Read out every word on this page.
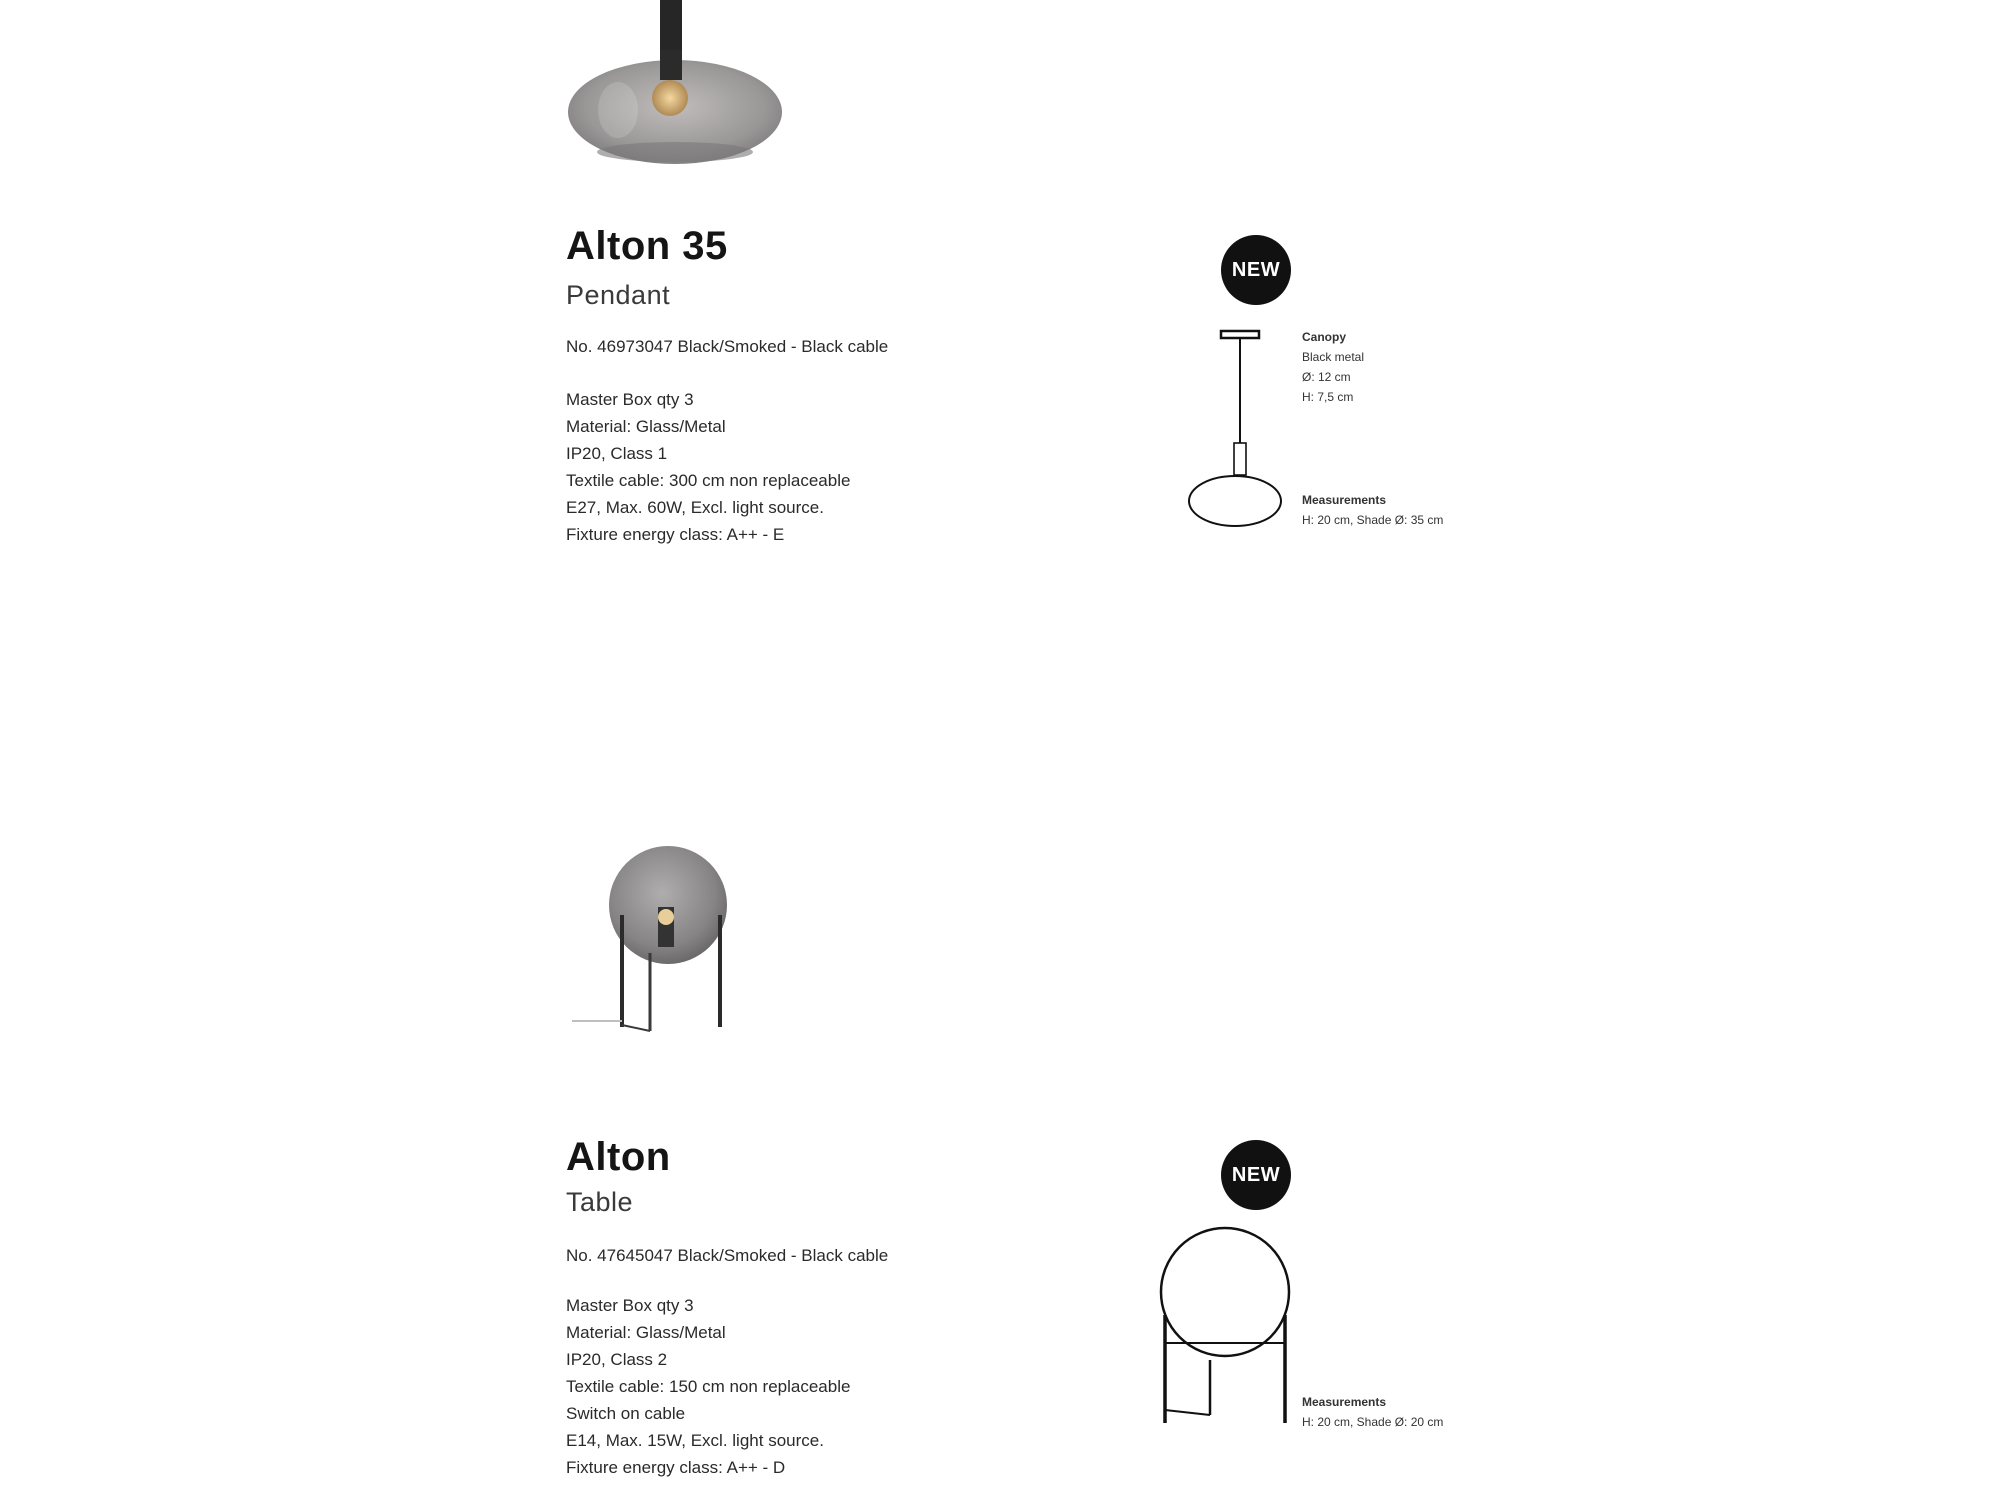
Alton 35
Pendant
No. 46973047 Black/Smoked - Black cable
Master Box qty 3
Material: Glass/Metal
IP20, Class 1
Textile cable: 300 cm non replaceable
E27, Max. 60W, Excl. light source.
Fixture energy class: A++ - E
NEW
Canopy
Black metal
Ø: 12 cm
H: 7,5 cm
Measurements
H: 20 cm, Shade Ø: 35 cm
Alton
Table
No. 47645047 Black/Smoked - Black cable
Master Box qty 3
Material: Glass/Metal
IP20, Class 2
Textile cable: 150 cm non replaceable
Switch on cable
E14, Max. 15W, Excl. light source.
Fixture energy class: A++ - D
NEW
Measurements
H: 20 cm, Shade Ø: 20 cm
